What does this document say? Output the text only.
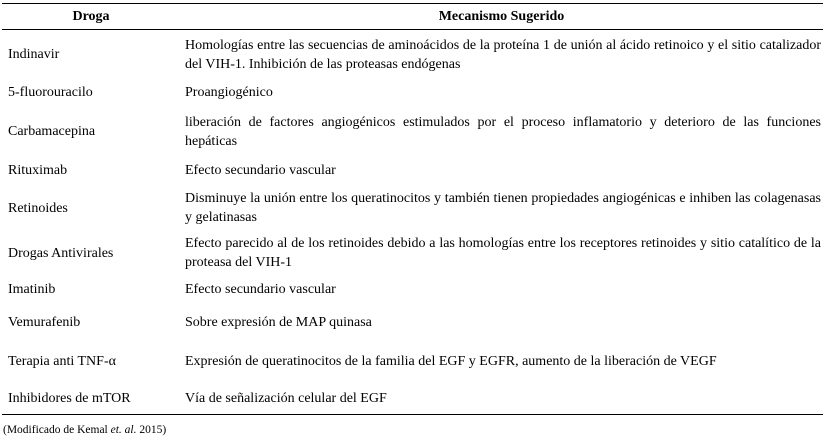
Droga	Mecanismo Sugerido
Indinavir	Homologías entre las secuencias de aminoácidos de la proteína 1 de unión al ácido retinoico y el sitio catalizador del VIH-1. Inhibición de las proteasas endógenas
5-fluorouracilo	Proangiogénico
Carbamacepina	liberación de factores angiogénicos estimulados por el proceso inflamatorio y deterioro de las funciones hepáticas
Rituximab	Efecto secundario vascular
Retinoides	Disminuye la unión entre los queratinocitos y también tienen propiedades angiogénicas e inhiben las colagenasas y gelatinasas
Drogas Antivirales	Efecto parecido al de los retinoides debido a las homologías entre los receptores retinoides y sitio catalítico de la proteasa del VIH-1
Imatinib	Efecto secundario vascular
Vemurafenib	Sobre expresión de MAP quinasa
Terapia anti TNF-α	Expresión de queratinocitos de la familia del EGF y EGFR, aumento de la liberación de VEGF
Inhibidores de mTOR	Vía de señalización celular del EGF
(Modificado de Kemal et. al. 2015)
